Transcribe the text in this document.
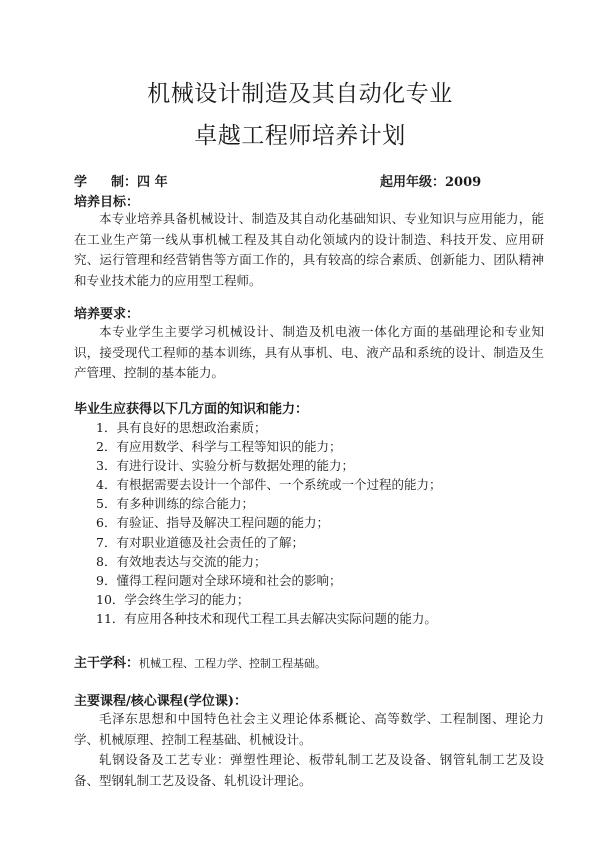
机械设计制造及其自动化专业
卓越工程师培养计划
学 制：四 年	起用年级：2009
培养目标：

本专业培养具备机械设计、制造及其自动化基础知识、专业知识与应用能力，能在工业生产第一线从事机械工程及其自动化领域内的设计制造、科技开发、应用研究、运行管理和经营销售等方面工作的，具有较高的综合素质、创新能力、团队精神和专业技术能力的应用型工程师。

培养要求：

本专业学生主要学习机械设计、制造及机电液一体化方面的基础理论和专业知识，接受现代工程师的基本训练，具有从事机、电、液产品和系统的设计、制造及生产管理、控制的基本能力。

毕业生应获得以下几方面的知识和能力：
1．具有良好的思想政治素质；
2．有应用数学、科学与工程等知识的能力；
3．有进行设计、实验分析与数据处理的能力；
4．有根据需要去设计一个部件、一个系统或一个过程的能力；
5．有多种训练的综合能力；
6．有验证、指导及解决工程问题的能力；
7．有对职业道德及社会责任的了解；
8．有效地表达与交流的能力；
9．懂得工程问题对全球环境和社会的影响；
10．学会终生学习的能力；
11．有应用各种技术和现代工程工具去解决实际问题的能力。
主干学科：机械工程、工程力学、控制工程基础。
主要课程/核心课程(学位课)：

毛泽东思想和中国特色社会主义理论体系概论、高等数学、工程制图、理论力学、机械原理、控制工程基础、机械设计。

轧钢设备及工艺专业：弹塑性理论、板带轧制工艺及设备、钢管轧制工艺及设备、型钢轧制工艺及设备、轧机设计理论。
